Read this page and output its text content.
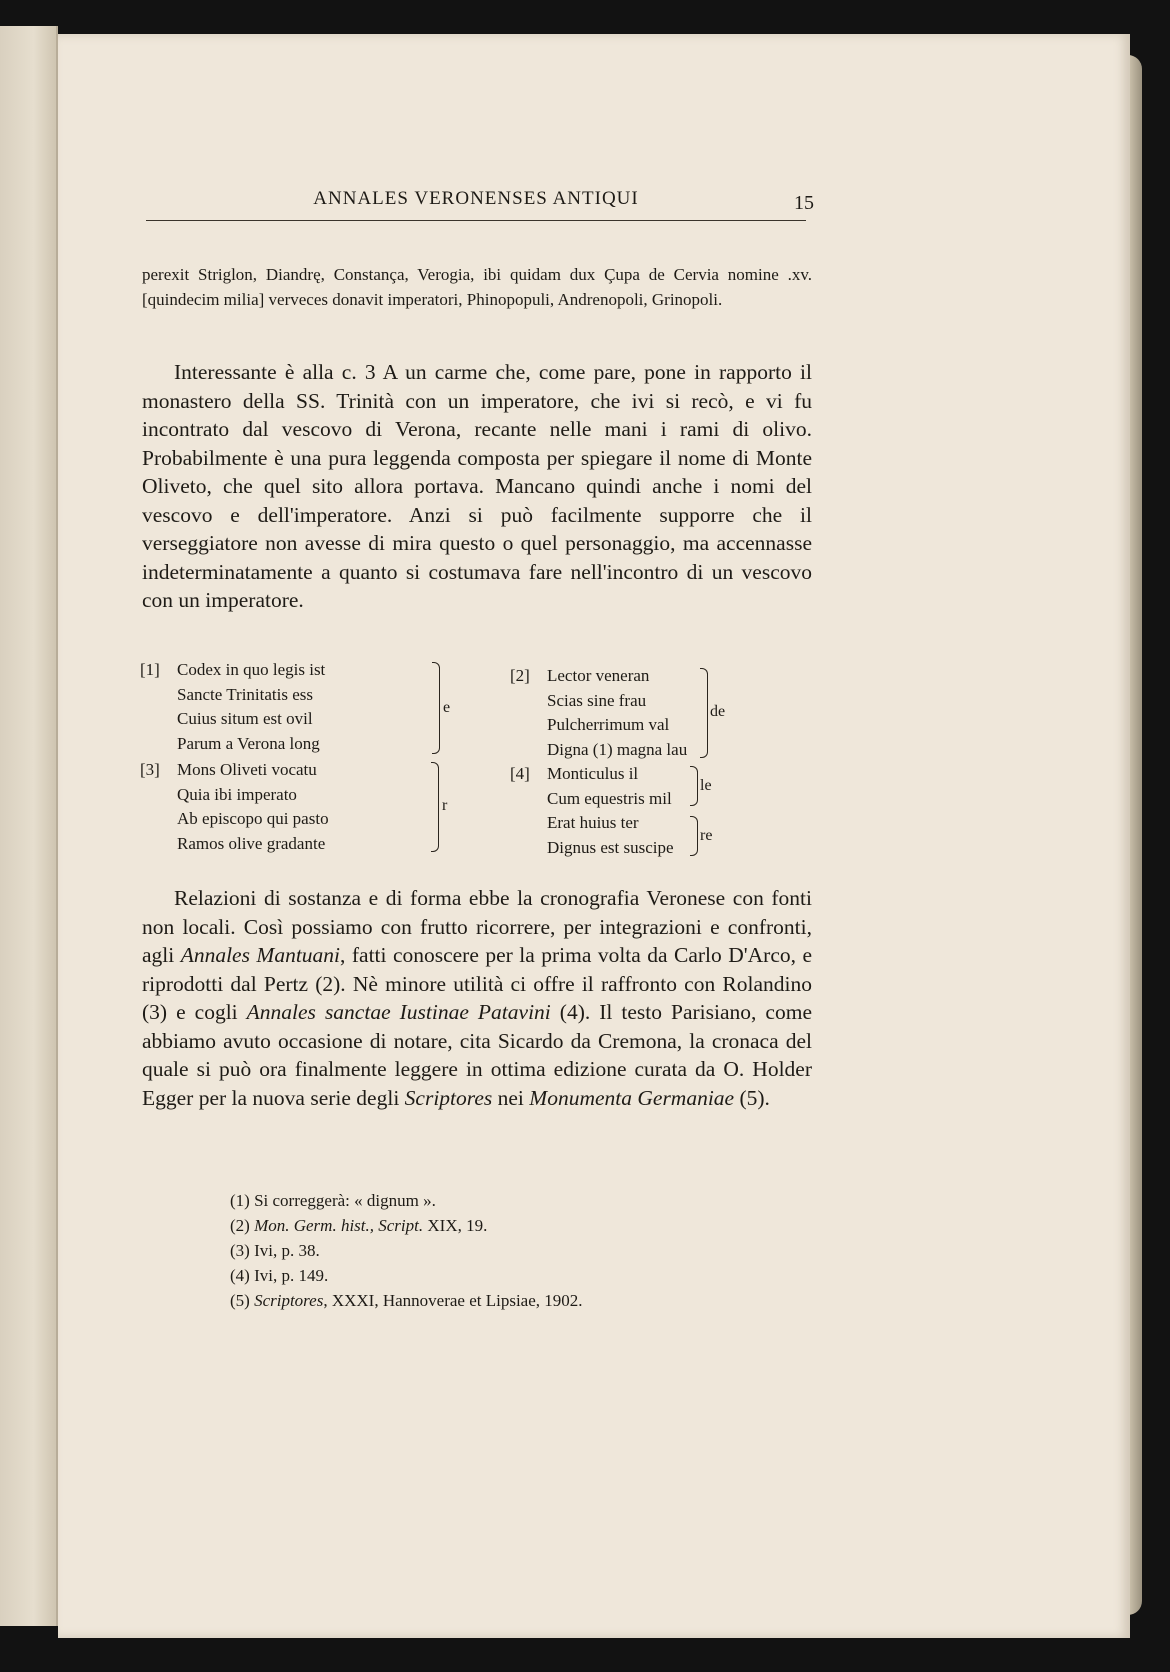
ANNALES VERONENSES ANTIQUI	15
perexit Striglon, Diandrę, Constança, Verogia, ibi quidam dux Çupa de Cervia nomine .xv. [quindecim milia] verveces donavit imperatori, Phinopopuli, Andrenopoli, Grinopoli.
Interessante è alla c. 3 A un carme che, come pare, pone in rapporto il monastero della SS. Trinità con un imperatore, che ivi si recò, e vi fu incontrato dal vescovo di Verona, recante nelle mani i rami di olivo. Probabilmente è una pura leggenda composta per spiegare il nome di Monte Oliveto, che quel sito allora portava. Mancano quindi anche i nomi del vescovo e dell'imperatore. Anzi si può facilmente supporre che il verseggiatore non avesse di mira questo o quel personaggio, ma accennasse indeterminatamente a quanto si costumava fare nell'incontro di un vescovo con un imperatore.
[1] Codex in quo legis ist
Sancte Trinitatis ess
Cuius situm est ovil
Parum a Verona long
e
[2] Lector veneran
Scias sine frau
Pulcherrimum val
Digna (1) magna lau
de
[3] Mons Oliveti vocatu
Quia ibi imperato
Ab episcopo qui pasto
Ramos olive gradante
r
[4] Monticulus il
Cum equestris mil
Erat huius ter
Dignus est suscipe
le
re
Relazioni di sostanza e di forma ebbe la cronografia Veronese con fonti non locali. Così possiamo con frutto ricorrere, per integrazioni e confronti, agli Annales Mantuani, fatti conoscere per la prima volta da Carlo D'Arco, e riprodotti dal Pertz (2). Nè minore utilità ci offre il raffronto con Rolandino (3) e cogli Annales sanctae Iustinae Patavini (4). Il testo Parisiano, come abbiamo avuto occasione di notare, cita Sicardo da Cremona, la cronaca del quale si può ora finalmente leggere in ottima edizione curata da O. Holder Egger per la nuova serie degli Scriptores nei Monumenta Germaniae (5).
(1) Si correggerà: « dignum ».
(2) Mon. Germ. hist., Script. XIX, 19.
(3) Ivi, p. 38.
(4) Ivi, p. 149.
(5) Scriptores, XXXI, Hannoverae et Lipsiae, 1902.
